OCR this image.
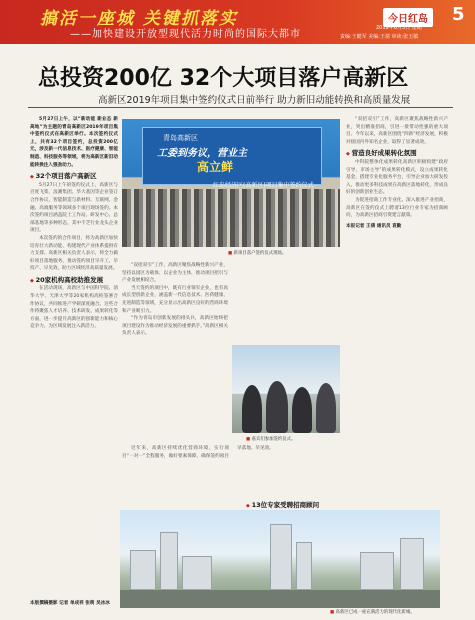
搞活一座城 关键抓落实
——加快建设开放型现代活力时尚的国际大都市
今日红岛 5
2019年6月3日 星期一
责编:王健军 美编:王倩 审读:张玉敏
总投资200亿 32个大项目落户高新区
高新区2019年项目集中签约仪式日前举行 助力新旧动能转换和高质量发展

5月27日上午，以“新动能 新业态 新高地”为主题的青岛高新区2019年项目集中签约仪式在高新区举行。本次签约仪式上，共有32个项目签约，总投资200亿元，涉及新一代信息技术、医疗健康、智能制造、科技服务等领域，将为高新区新旧动能转换注入强劲动力。

◆ 32个项目落户高新区

5月27日上午的签约仪式上，高新区与百度飞桨、浪潮集团、华大基因等企业签订合作协议，智能制造与新材料、互联网、金融、高端服务等领域多个项目现场签约。本次签约项目涵盖院士工作站、研发中心、总部基地等多种形态，其中不乏行业龙头企业项目。

本次签约的合作项目，将为高新区加快培育壮大新动能、构建现代产业体系提供有力支撑。高新区相关负责人表示，将全力做好项目落地服务，推动签约项目早开工、早投产、早见效，助力区域经济高质量发展。

◆ 20家机构高校助推发展

在活动现场，高新区与中国科学院、清华大学、天津大学等20家机构高校签署合作协议，共同推进产学研深度融合。这些合作将聚焦人才培养、技术研发、成果转化等方面，进一步提升高新区的创新能力和核心竞争力，为区域发展注入新活力。

青岛高新区
工委到务议，营业主
高立鲜
红岛经济区(高新区)项目集中签约仪式
■ 新项目落户签约仪式现场。

“双招双引”工作，高新区聚焦战略性新兴产业，坚持以园区为载体、以企业为主体，推动项目招引与产业发展相结合。

当天签约的项目中，既有行业领军企业，也有高成长型创新企业，涵盖新一代信息技术、医药健康、先进制造等领域，充分显示出高新区良好的营商环境和产业吸引力。

“作为青岛市创新发展的排头兵，高新区始终把项目建设作为推动经济发展的重要抓手。”高新区相关负责人表示。

■ 嘉宾们参加签约仪式。

近年来，高新区持续优化营商环境，实行项目“一对一”全程服务，做好要素保障，确保签约项目早落地、早见效。

“双招双引”工作，高新区聚焦战略性新兴产业，突出精准招商，引进一批带动性强的重大项目。今年以来，高新区围绕“四新”经济发展，积极对接国内外知名企业，取得了显著成效。

◆ 营造良好成果转化氛围

中科院整体化成果转化高新区积极构建“政府引导、市场主导”的成果转化模式，设立成果转化基金，搭建专业化服务平台，引导企业加大研发投入，推动更多科技成果在高新区落地转化，形成良好的创新创业生态。

为促进招商工作专业化、深入推进产业招商，高新区在签约仪式上聘请13位行业专家为招商顾问，为高新区招商引资建言献策。

本报记者 王倩 通讯员 袁勤

◆ 13位专家受聘招商顾问
■ 高新区已成一座充满活力的现代化新城。
本版撰稿摄影 记者 单成祥 张萌 吴冰冰
